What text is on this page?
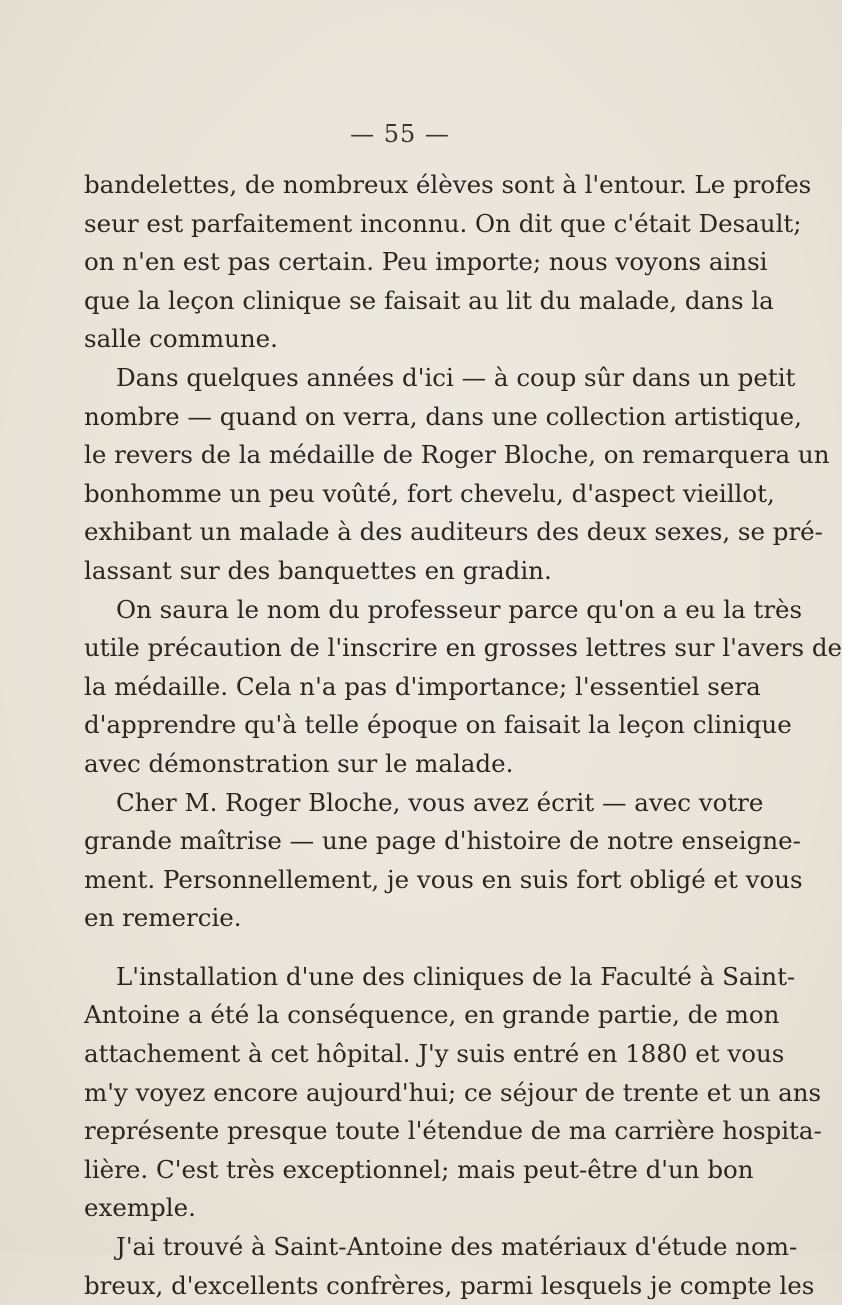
— 55 —
bandelettes, de nombreux élèves sont à l'entour. Le profes
seur est parfaitement inconnu. On dit que c'était Desault;
on n'en est pas certain. Peu importe; nous voyons ainsi
que la leçon clinique se faisait au lit du malade, dans la
salle commune.
Dans quelques années d'ici — à coup sûr dans un petit
nombre — quand on verra, dans une collection artistique,
le revers de la médaille de Roger Bloche, on remarquera un
bonhomme un peu voûté, fort chevelu, d'aspect vieillot,
exhibant un malade à des auditeurs des deux sexes, se pré-
lassant sur des banquettes en gradin.
On saura le nom du professeur parce qu'on a eu la très
utile précaution de l'inscrire en grosses lettres sur l'avers de
la médaille. Cela n'a pas d'importance; l'essentiel sera
d'apprendre qu'à telle époque on faisait la leçon clinique
avec démonstration sur le malade.
Cher M. Roger Bloche, vous avez écrit — avec votre
grande maîtrise — une page d'histoire de notre enseigne-
ment. Personnellement, je vous en suis fort obligé et vous
en remercie.
L'installation d'une des cliniques de la Faculté à Saint-
Antoine a été la conséquence, en grande partie, de mon
attachement à cet hôpital. J'y suis entré en 1880 et vous
m'y voyez encore aujourd'hui; ce séjour de trente et un ans
représente presque toute l'étendue de ma carrière hospita-
lière. C'est très exceptionnel; mais peut-être d'un bon
exemple.
J'ai trouvé à Saint-Antoine des matériaux d'étude nom-
breux, d'excellents confrères, parmi lesquels je compte les
